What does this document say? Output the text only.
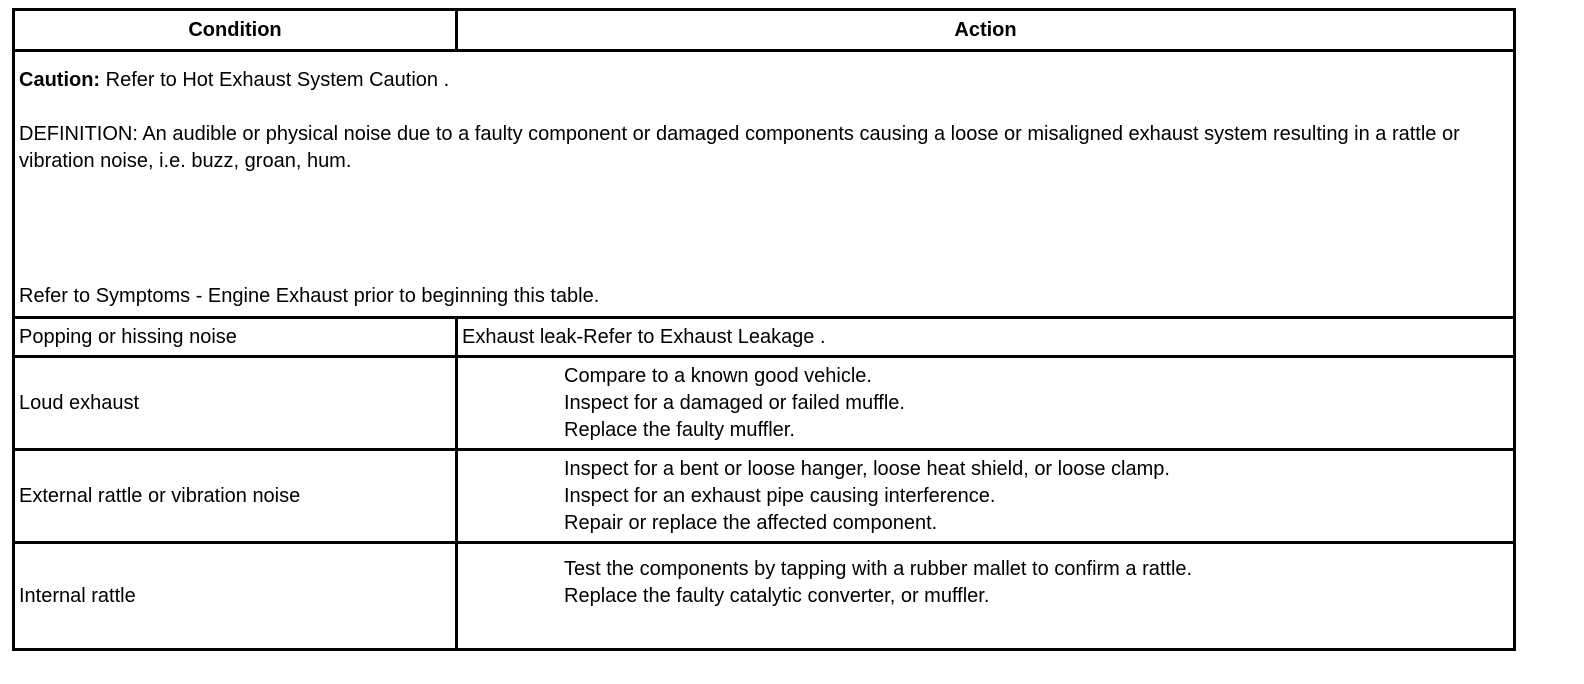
Condition	Action

Caution: Refer to Hot Exhaust System Caution .

DEFINITION: An audible or physical noise due to a faulty component or damaged components causing a loose or misaligned exhaust system resulting in a rattle or vibration noise, i.e. buzz, groan, hum.

Refer to Symptoms - Engine Exhaust prior to beginning this table.	

Popping or hissing noise	Exhaust leak-Refer to Exhaust Leakage .
Loud exhaust	Compare to a known good vehicle.
Inspect for a damaged or failed muffle.
Replace the faulty muffler.

External rattle or vibration noise	Inspect for a bent or loose hanger, loose heat shield, or loose clamp.
Inspect for an exhaust pipe causing interference.
Repair or replace the affected component.

Internal rattle	Test the components by tapping with a rubber mallet to confirm a rattle.
Replace the faulty catalytic converter, or muffler.
